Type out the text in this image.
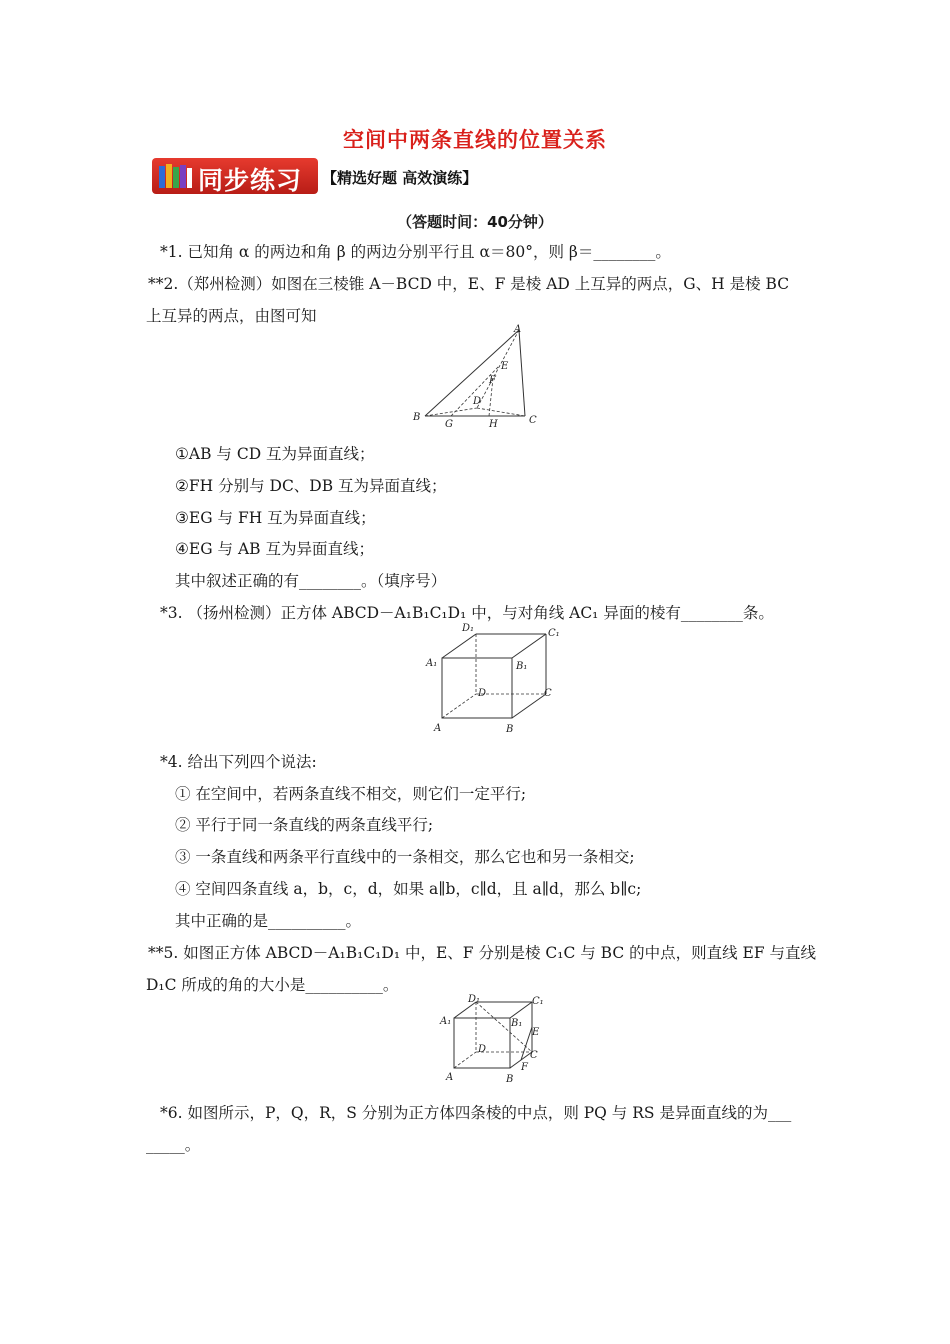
空间中两条直线的位置关系
同步练习 【精选好题 高效演练】
（答题时间：40分钟）
*1. 已知角 α 的两边和角 β 的两边分别平行且 α＝80°，则 β＝________。
**2.（郑州检测）如图在三棱锥 A－BCD 中，E、F 是棱 AD 上互异的两点，G、H 是棱 BC
上互异的两点，由图可知
A
E
F
D
B
G	H	C
①AB 与 CD 互为异面直线；
②FH 分别与 DC、DB 互为异面直线；
③EG 与 FH 互为异面直线；
④EG 与 AB 互为异面直线；
其中叙述正确的有________。（填序号）
*3. （扬州检测）正方体 ABCD－A₁B₁C₁D₁ 中，与对角线 AC₁ 异面的棱有________条。
D₁	C₁
A₁	B₁
D	C
A	B
*4. 给出下列四个说法:
① 在空间中，若两条直线不相交，则它们一定平行;
② 平行于同一条直线的两条直线平行;
③ 一条直线和两条平行直线中的一条相交，那么它也和另一条相交;
④ 空间四条直线 a，b，c，d，如果 a∥b，c∥d，且 a∥d，那么 b∥c;
其中正确的是__________。
**5. 如图正方体 ABCD－A₁B₁C₁D₁ 中，E、F 分别是棱 C₁C 与 BC 的中点，则直线 EF 与直线
D₁C 所成的角的大小是__________。
D₁	C₁
A₁	B₁
E
D
C
F
A	B
*6. 如图所示，P，Q，R，S 分别为正方体四条棱的中点，则 PQ 与 RS 是异面直线的为___
_____。
